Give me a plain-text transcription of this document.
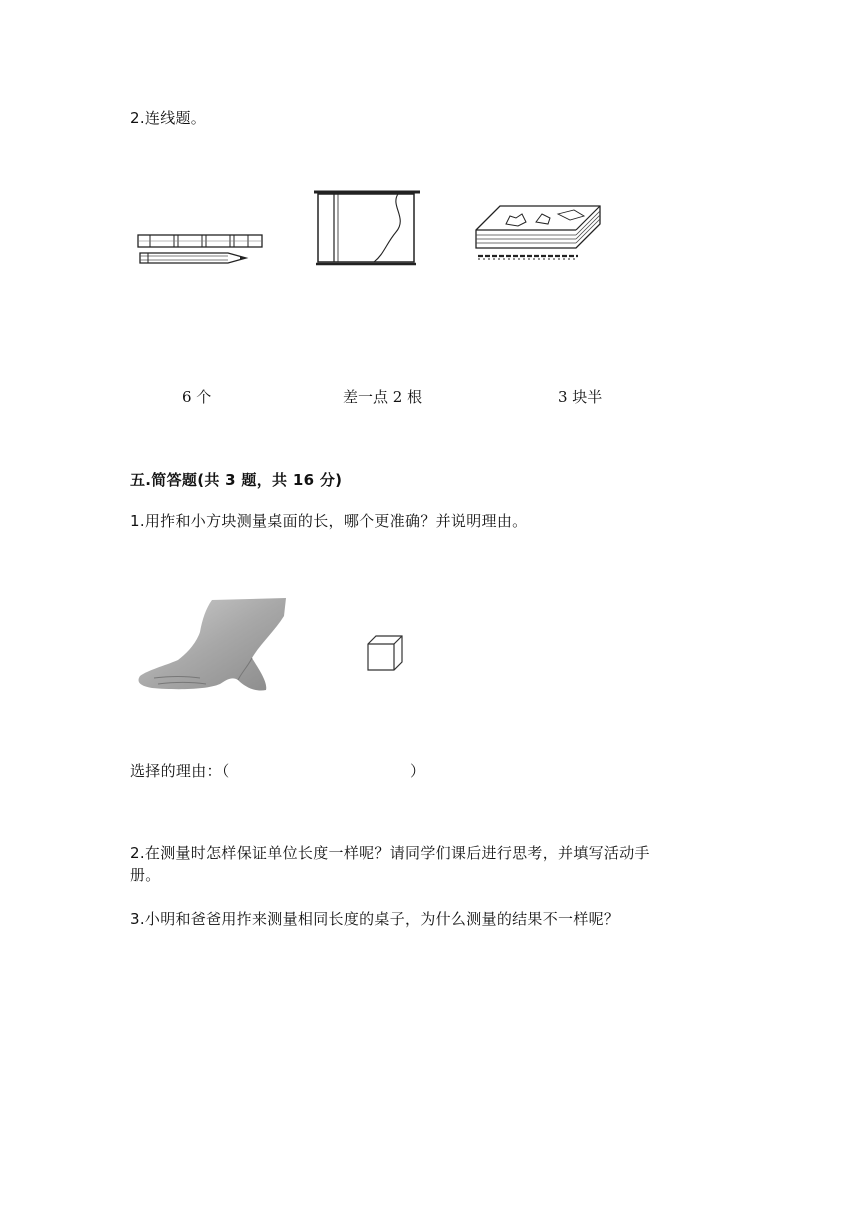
2.连线题。
6 个	差一点 2 根	3 块半
五.简答题(共 3 题，共 16 分)
1.用拃和小方块测量桌面的长，哪个更准确？并说明理由。
选择的理由：（	）
2.在测量时怎样保证单位长度一样呢？请同学们课后进行思考，并填写活动手
册。
3.小明和爸爸用拃来测量相同长度的桌子，为什么测量的结果不一样呢？
